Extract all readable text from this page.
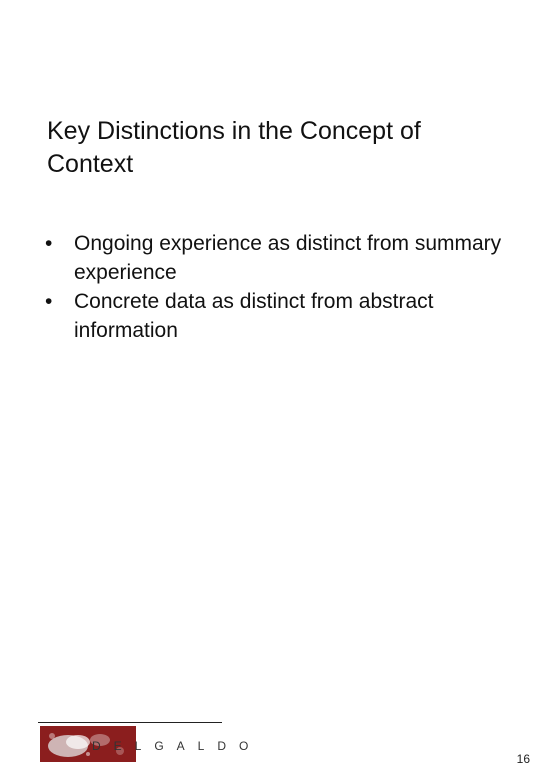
Key Distinctions in the Concept of Context
•	Ongoing experience as distinct from summary experience
•	Concrete data as distinct from abstract information
DELGALDO
16
